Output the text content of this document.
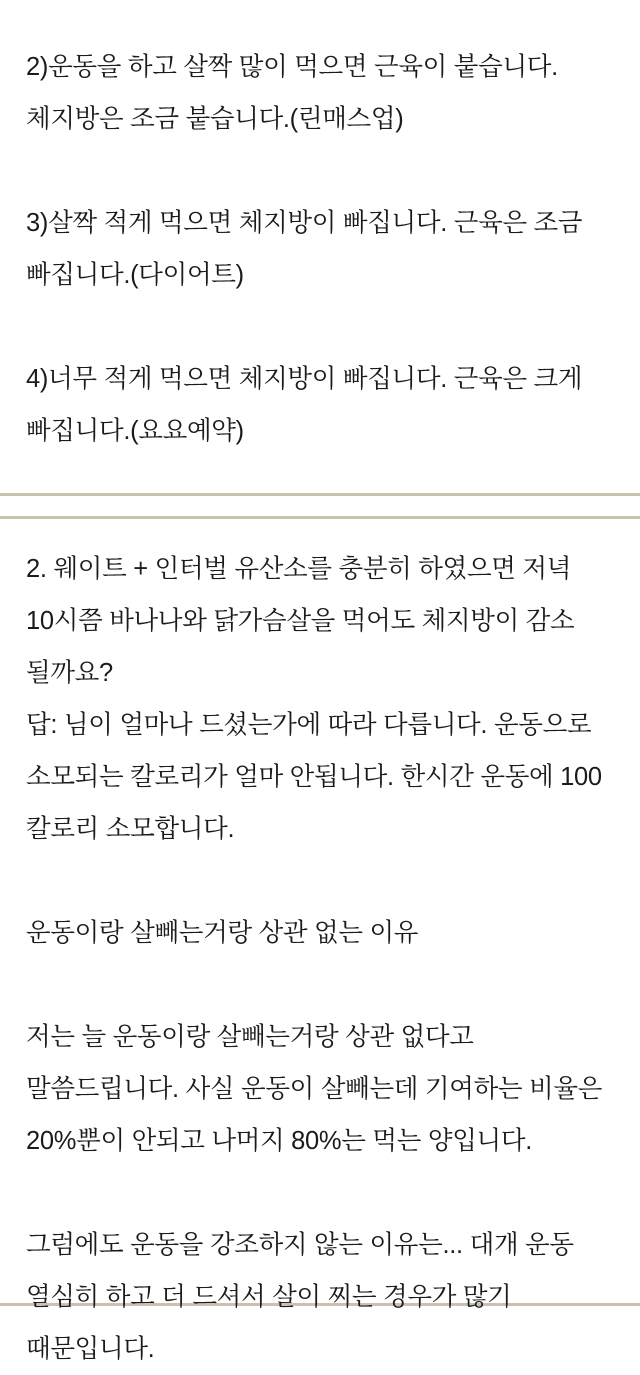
2)운동을 하고 살짝 많이 먹으면 근육이 붙습니다. 체지방은 조금 붙습니다.(린매스업)

3)살짝 적게 먹으면 체지방이 빠집니다. 근육은 조금 빠집니다.(다이어트)

4)너무 적게 먹으면 체지방이 빠집니다. 근육은 크게 빠집니다.(요요예약)

2. 웨이트 + 인터벌 유산소를 충분히 하였으면 저녁 10시쯤 바나나와 닭가슴살을 먹어도 체지방이 감소 될까요?

답: 님이 얼마나 드셨는가에 따라 다릅니다. 운동으로 소모되는 칼로리가 얼마 안됩니다. 한시간 운동에 100 칼로리 소모합니다.

운동이랑 살빼는거랑 상관 없는 이유

저는 늘 운동이랑 살빼는거랑 상관 없다고 말씀드립니다. 사실 운동이 살빼는데 기여하는 비율은 20%뿐이 안되고 나머지 80%는 먹는 양입니다.

그럼에도 운동을 강조하지 않는 이유는... 대개 운동 열심히 하고 더 드셔서 살이 찌는 경우가 많기 때문입니다.
